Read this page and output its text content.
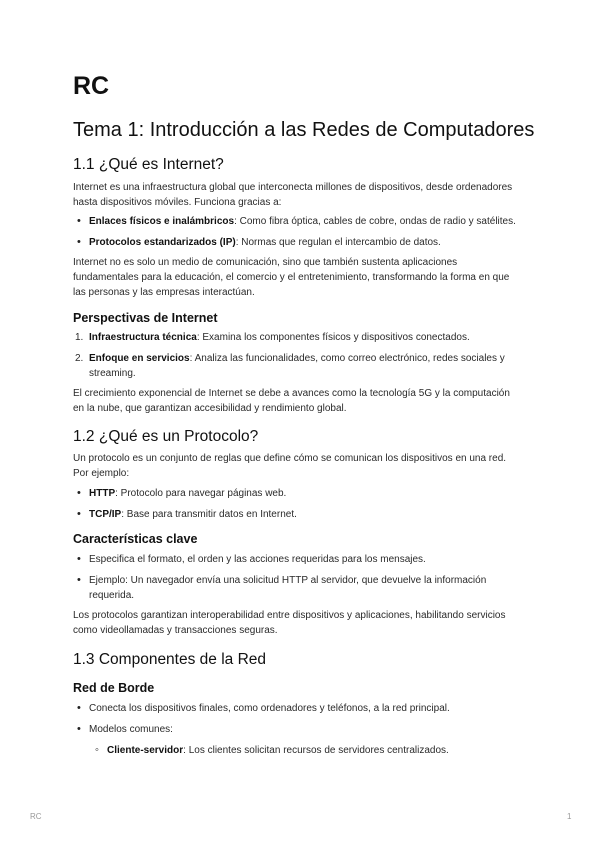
RC
Tema 1: Introducción a las Redes de Computadores
1.1 ¿Qué es Internet?
Internet es una infraestructura global que interconecta millones de dispositivos, desde ordenadores
hasta dispositivos móviles. Funciona gracias a:
• Enlaces físicos e inalámbricos: Como fibra óptica, cables de cobre, ondas de radio y satélites.
• Protocolos estandarizados (IP): Normas que regulan el intercambio de datos.
Internet no es solo un medio de comunicación, sino que también sustenta aplicaciones
fundamentales para la educación, el comercio y el entretenimiento, transformando la forma en que
las personas y las empresas interactúan.
Perspectivas de Internet
1. Infraestructura técnica: Examina los componentes físicos y dispositivos conectados.
2. Enfoque en servicios: Analiza las funcionalidades, como correo electrónico, redes sociales y
streaming.
El crecimiento exponencial de Internet se debe a avances como la tecnología 5G y la computación
en la nube, que garantizan accesibilidad y rendimiento global.
1.2 ¿Qué es un Protocolo?
Un protocolo es un conjunto de reglas que define cómo se comunican los dispositivos en una red.
Por ejemplo:
• HTTP: Protocolo para navegar páginas web.
• TCP/IP: Base para transmitir datos en Internet.
Características clave
• Especifica el formato, el orden y las acciones requeridas para los mensajes.
• Ejemplo: Un navegador envía una solicitud HTTP al servidor, que devuelve la información
requerida.
Los protocolos garantizan interoperabilidad entre dispositivos y aplicaciones, habilitando servicios
como videollamadas y transacciones seguras.
1.3 Componentes de la Red
Red de Borde
• Conecta los dispositivos finales, como ordenadores y teléfonos, a la red principal.
• Modelos comunes:
◦ Cliente-servidor: Los clientes solicitan recursos de servidores centralizados.
RC	1
